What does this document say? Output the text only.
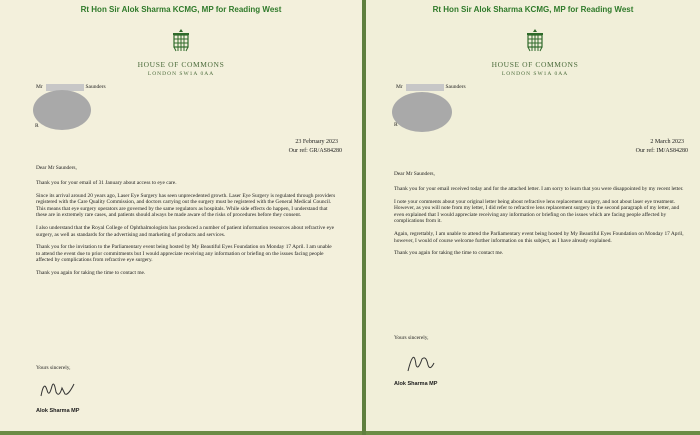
Rt Hon Sir Alok Sharma KCMG, MP for Reading West
HOUSE OF COMMONS
LONDON SW1A 0AA
Mr	Saunders
R
23 February 2023
Our ref: GR/AS84280
Dear Mr Saunders,

Thank you for your email of 31 January about access to eye care.

Since its arrival around 20 years ago, Laser Eye Surgery has seen unprecedented growth. Laser Eye Surgery is regulated through providers registered with the Care Quality Commission, and doctors carrying out the surgery must be registered with the General Medical Council. This means that eye surgery operators are governed by the same regulators as hospitals. While side effects do happen, I understand that these are in extremely rare cases, and patients should always be made aware of the risks of procedures before they consent.

I also understand that the Royal College of Ophthalmologists has produced a number of patient information resources about refractive eye surgery, as well as standards for the advertising and marketing of products and services.

Thank you for the invitation to the Parliamentary event being hosted by My Beautiful Eyes Foundation on Monday 17 April. I am unable to attend the event due to prior commitments but I would appreciate receiving any information or briefing on the issues facing people affected by complications from refractive eye surgery.

Thank you again for taking the time to contact me.

Yours sincerely,
Alok Sharma MP
Rt Hon Sir Alok Sharma KCMG, MP for Reading West
HOUSE OF COMMONS
LONDON SW1A 0AA
Mr	Saunders
R
2 March 2023
Our ref: IM/AS84280
Dear Mr Saunders,

Thank you for your email received today and for the attached letter. I am sorry to learn that you were disappointed by my recent letter.

I note your comments about your original letter being about refractive lens replacement surgery, and not about laser eye treatment. However, as you will note from my letter, I did refer to refractive lens replacement surgery in the second paragraph of my letter, and even explained that I would appreciate receiving any information or briefing on the issues which are facing people affected by complications from it.

Again, regrettably, I am unable to attend the Parliamentary event being hosted by My Beautiful Eyes Foundation on Monday 17 April, however, I would of course welcome further information on this subject, as I have already explained.

Thank you again for taking the time to contact me.

Yours sincerely,
Alok Sharma MP
